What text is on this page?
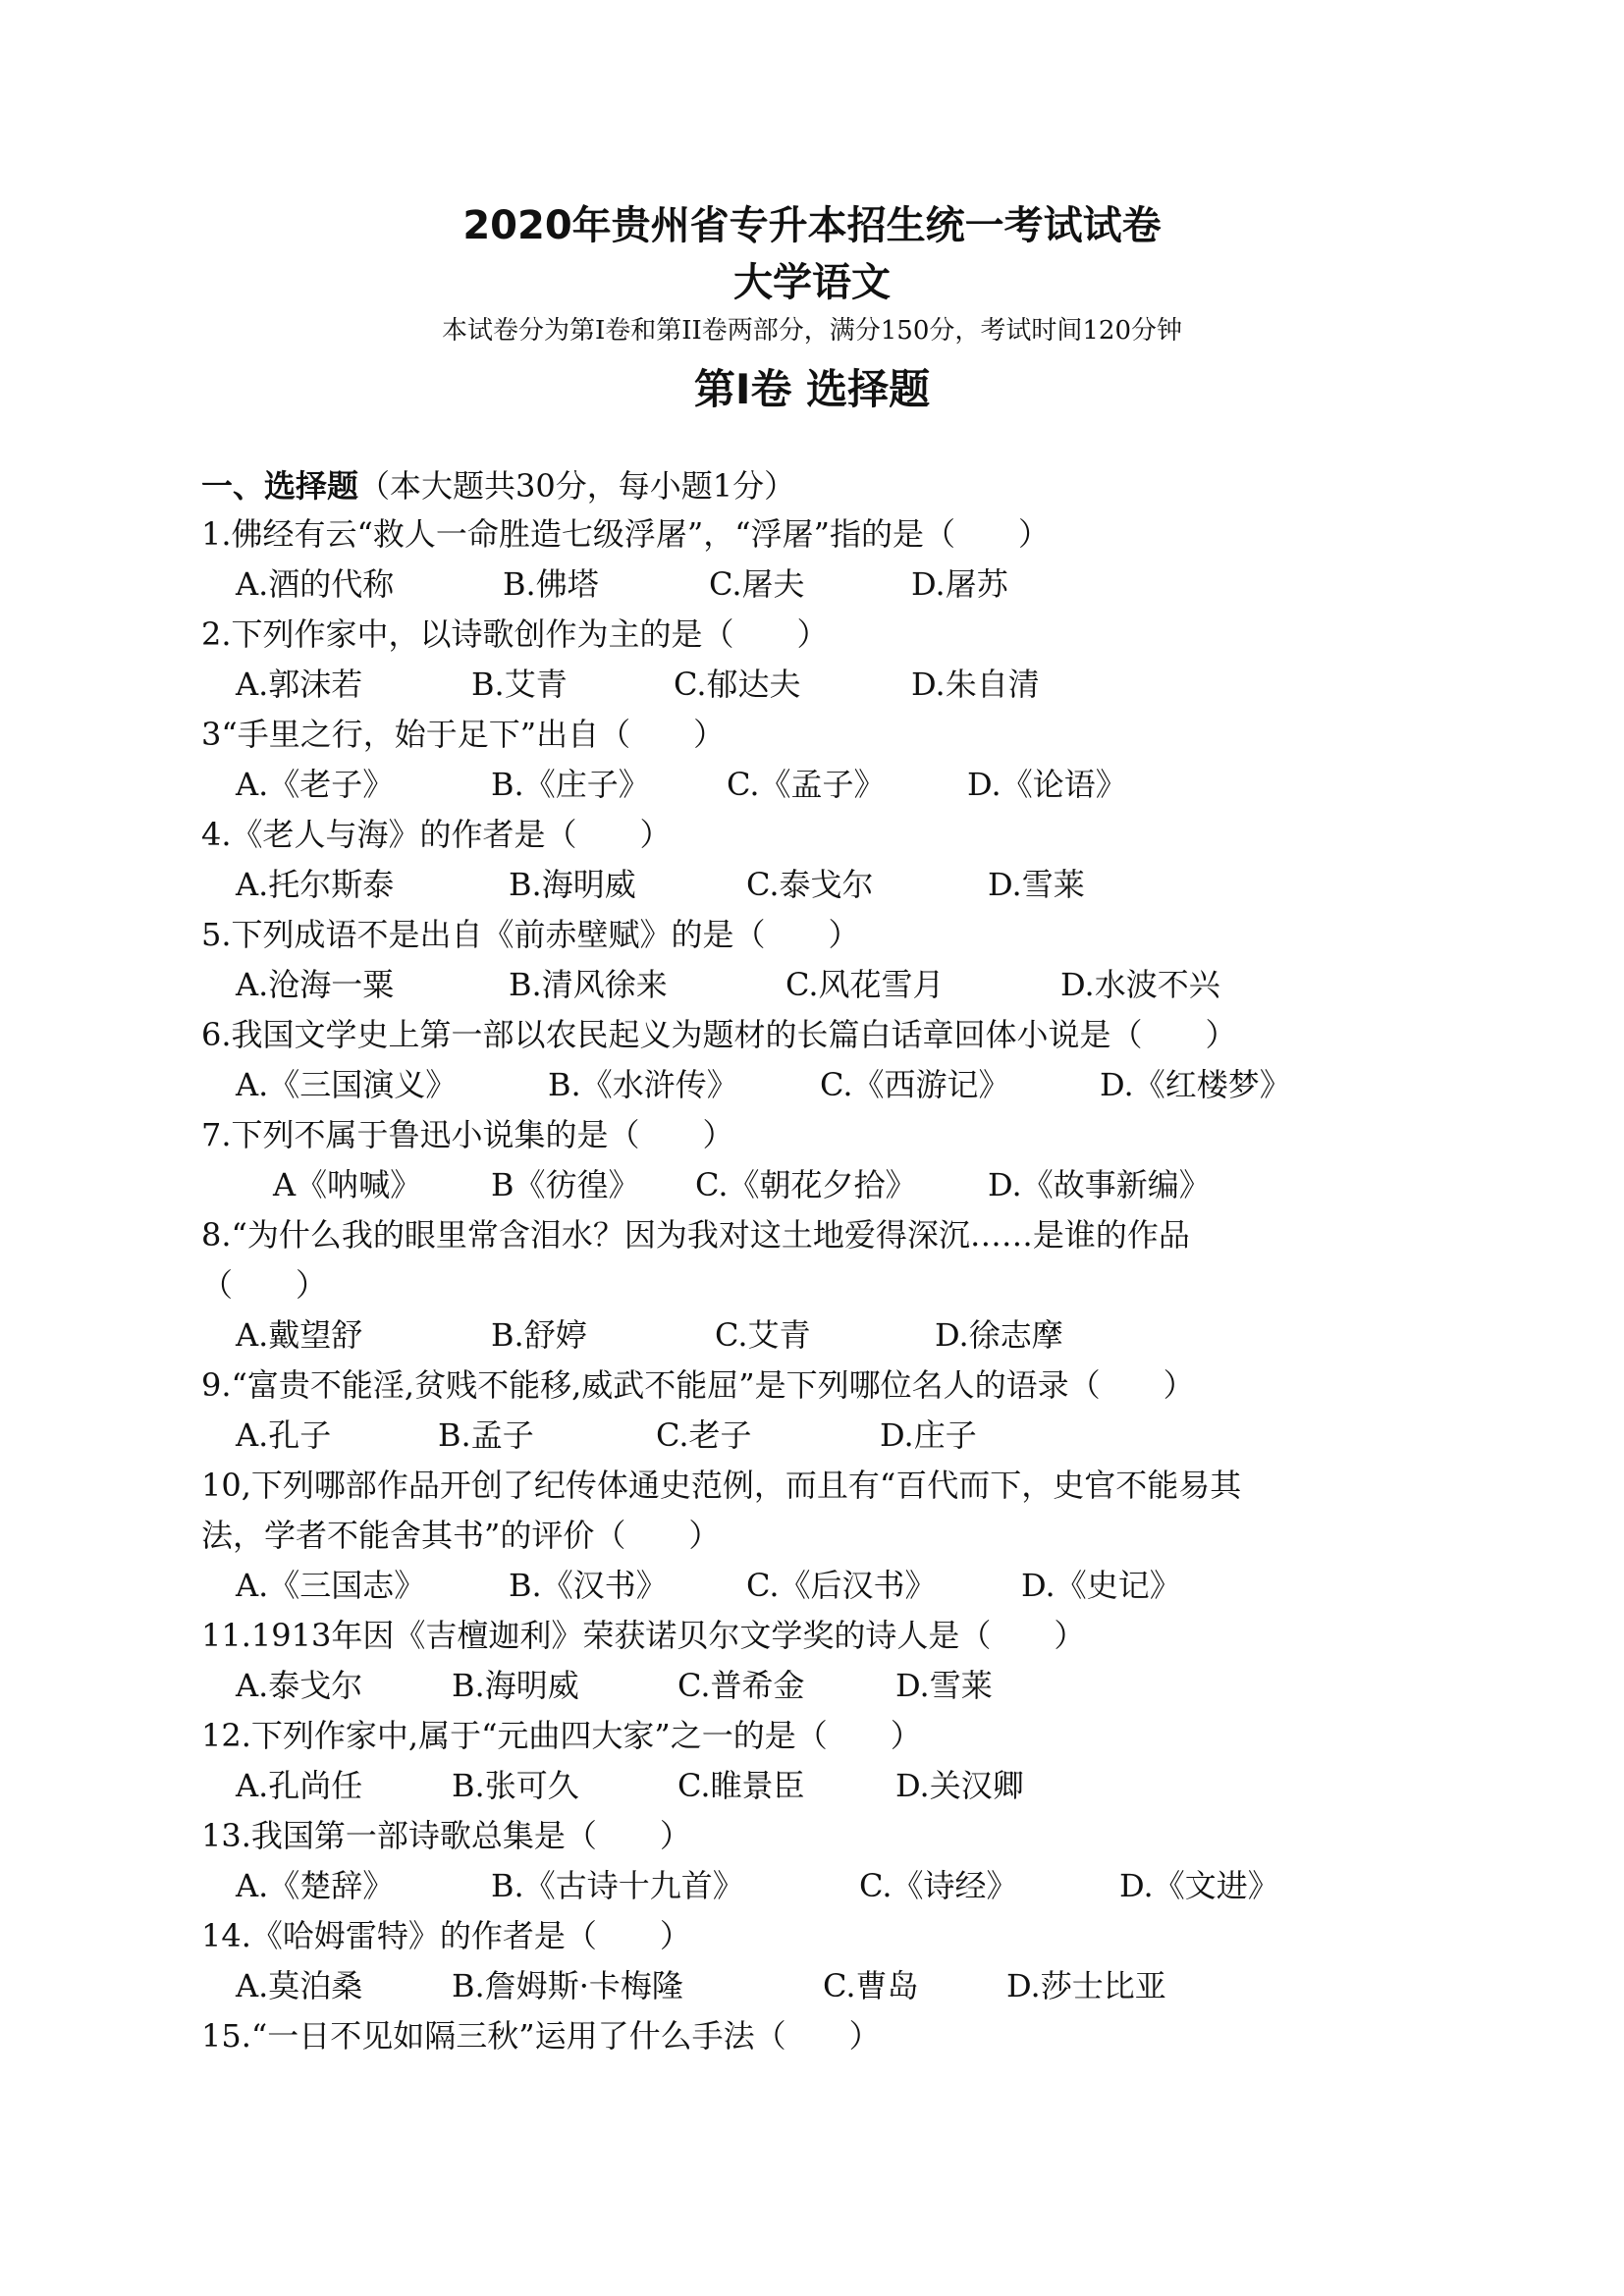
2020年贵州省专升本招生统一考试试卷
大学语文
本试卷分为第I卷和第II卷两部分，满分150分，考试时间120分钟
第Ⅰ卷 选择题
一、选择题（本大题共30分，每小题1分）
1.佛经有云“救人一命胜造七级浮屠”，“浮屠”指的是（　　）
A.酒的代称	B.佛塔	C.屠夫	D.屠苏
2.下列作家中，以诗歌创作为主的是（　　）
A.郭沫若	B.艾青	C.郁达夫	D.朱自清
3“手里之行，始于足下”出自（　　）
A.《老子》	B.《庄子》 C.《孟子》	D.《论语》
4.《老人与海》的作者是（　　）
A.托尔斯泰	B.海明威	C.泰戈尔	D.雪莱
5.下列成语不是出自《前赤壁赋》的是（　　）
A.沧海一粟	B.清风徐来	C.风花雪月	D.水波不兴
6.我国文学史上第一部以农民起义为题材的长篇白话章回体小说是（　　）
A.《三国演义》	B.《水浒传》	C.《西游记》	D.《红楼梦》
7.下列不属于鲁迅小说集的是（　　）
A《呐喊》 B《彷徨》 C.《朝花夕拾》 D.《故事新编》
8.“为什么我的眼里常含泪水？因为我对这土地爱得深沉……是谁的作品
（　　）
A.戴望舒	B.舒婷	C.艾青	D.徐志摩
9.“富贵不能淫,贫贱不能移,威武不能屈”是下列哪位名人的语录（　　）
A.孔子	B.孟子	C.老子	D.庄子
10,下列哪部作品开创了纪传体通史范例，而且有“百代而下，史官不能易其
法，学者不能舍其书”的评价（　　）
A.《三国志》	B.《汉书》	C.《后汉书》	D.《史记》
11.1913年因《吉檀迦利》荣获诺贝尔文学奖的诗人是（　　）
A.泰戈尔	B.海明威	C.普希金	D.雪莱
12.下列作家中,属于“元曲四大家”之一的是（　　）
A.孔尚任	B.张可久	C.睢景臣	D.关汉卿
13.我国第一部诗歌总集是（　　）
A.《楚辞》	B.《古诗十九首》	C.《诗经》	D.《文进》
14.《哈姆雷特》的作者是（　　）
A.莫泊桑	B.詹姆斯·卡梅隆	C.曹岛	D.莎士比亚
15.“一日不见如隔三秋”运用了什么手法（　　）
